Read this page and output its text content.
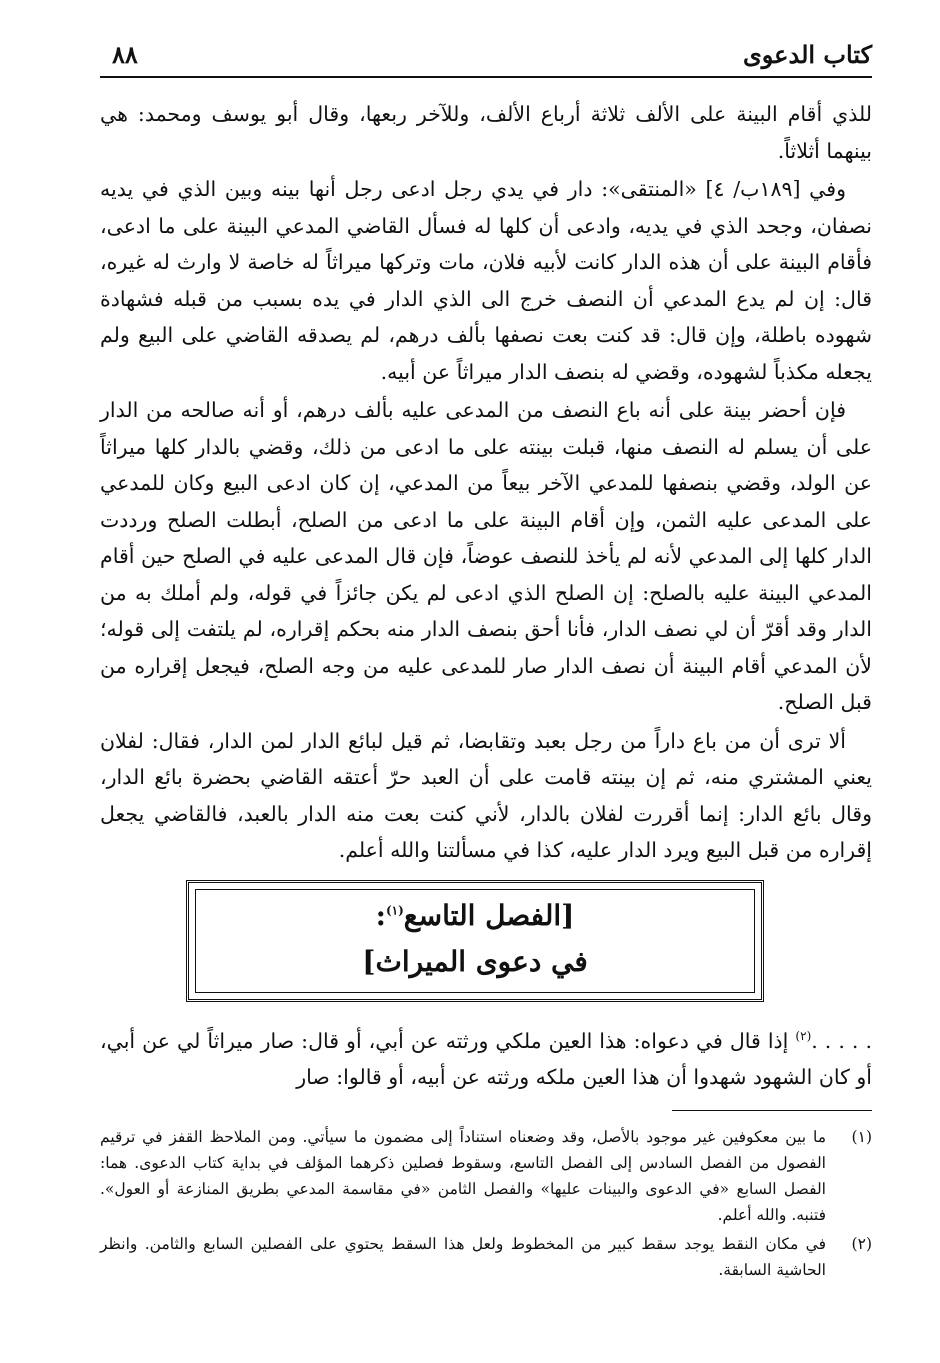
٨٨	كتاب الدعوى

للذي أقام البينة على الألف ثلاثة أرباع الألف، وللآخر ربعها، وقال أبو يوسف ومحمد: هي بينهما أثلاثاً.

وفي [١٨٩ب/ ٤] «المنتقى»: دار في يدي رجل ادعى رجل أنها بينه وبين الذي في يديه نصفان، وجحد الذي في يديه، وادعى أن كلها له فسأل القاضي المدعي البينة على ما ادعى، فأقام البينة على أن هذه الدار كانت لأبيه فلان، مات وتركها ميراثاً له خاصة لا وارث له غيره، قال: إن لم يدع المدعي أن النصف خرج الى الذي الدار في يده بسبب من قبله فشهادة شهوده باطلة، وإن قال: قد كنت بعت نصفها بألف درهم، لم يصدقه القاضي على البيع ولم يجعله مكذباً لشهوده، وقضي له بنصف الدار ميراثاً عن أبيه.

فإن أحضر بينة على أنه باع النصف من المدعى عليه بألف درهم، أو أنه صالحه من الدار على أن يسلم له النصف منها، قبلت بينته على ما ادعى من ذلك، وقضي بالدار كلها ميراثاً عن الولد، وقضي بنصفها للمدعي الآخر بيعاً من المدعي، إن كان ادعى البيع وكان للمدعي على المدعى عليه الثمن، وإن أقام البينة على ما ادعى من الصلح، أبطلت الصلح ورددت الدار كلها إلى المدعي لأنه لم يأخذ للنصف عوضاً، فإن قال المدعى عليه في الصلح حين أقام المدعي البينة عليه بالصلح: إن الصلح الذي ادعى لم يكن جائزاً في قوله، ولم أملك به من الدار وقد أقرّ أن لي نصف الدار، فأنا أحق بنصف الدار منه بحكم إقراره، لم يلتفت إلى قوله؛ لأن المدعي أقام البينة أن نصف الدار صار للمدعى عليه من وجه الصلح، فيجعل إقراره من قبل الصلح.

ألا ترى أن من باع داراً من رجل بعبد وتقابضا، ثم قيل لبائع الدار لمن الدار، فقال: لفلان يعني المشتري منه، ثم إن بينته قامت على أن العبد حرّ أعتقه القاضي بحضرة بائع الدار، وقال بائع الدار: إنما أقررت لفلان بالدار، لأني كنت بعت منه الدار بالعبد، فالقاضي يجعل إقراره من قبل البيع ويرد الدار عليه، كذا في مسألتنا والله أعلم.

[الفصل التاسع$^{(١)}$:
في دعوى الميراث]

. . . . .$^{(٢)}$ إذا قال في دعواه: هذا العين ملكي ورثته عن أبي، أو قال: صار ميراثاً لي عن أبي، أو كان الشهود شهدوا أن هذا العين ملكه ورثته عن أبيه، أو قالوا: صار

(١)
ما بين معكوفين غير موجود بالأصل، وقد وضعناه استناداً إلى مضمون ما سيأتي. ومن الملاحظ القفز في ترقيم الفصول من الفصل السادس إلى الفصل التاسع، وسقوط فصلين ذكرهما المؤلف في بداية كتاب الدعوى. هما: الفصل السابع «في الدعوى والبينات عليها» والفصل الثامن «في مقاسمة المدعي بطريق المنازعة أو العول». فتنبه. والله أعلم.
(٢)
في مكان النقط يوجد سقط كبير من المخطوط ولعل هذا السقط يحتوي على الفصلين السابع والثامن. وانظر الحاشية السابقة.
